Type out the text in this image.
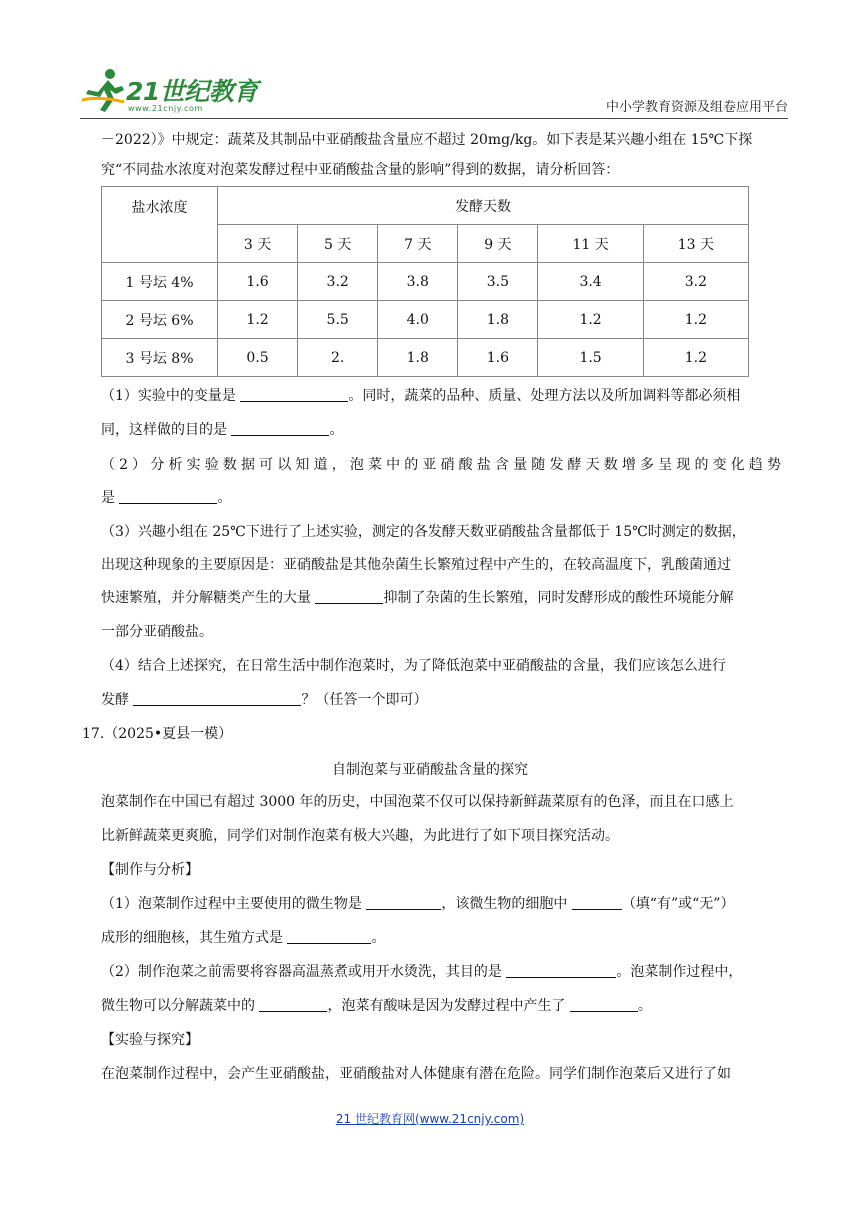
21世纪教育
www.21cnjy.com	中小学教育资源及组卷应用平台
－2022）》中规定：蔬菜及其制品中亚硝酸盐含量应不超过 20mg/kg。如下表是某兴趣小组在 15℃下探
究“不同盐水浓度对泡菜发酵过程中亚硝酸盐含量的影响”得到的数据，请分析回答：
盐水浓度	发酵天数					
	3 天	5 天	7 天	9 天	11 天	13 天
1 号坛 4%	1.6	3.2	3.8	3.5	3.4	3.2
2 号坛 6%	1.2	5.5	4.0	1.8	1.2	1.2
3 号坛 8%	0.5	2.	1.8	1.6	1.5	1.2
（1）实验中的变量是	。同时，蔬菜的品种、质量、处理方法以及所加调料等都必须相
同，这样做的目的是	。
（2）分析实验数据可以知道，泡菜中的亚硝酸盐含量随发酵天数增多呈现的变化趋势
是	。
（3）兴趣小组在 25℃下进行了上述实验，测定的各发酵天数亚硝酸盐含量都低于 15℃时测定的数据，
出现这种现象的主要原因是：亚硝酸盐是其他杂菌生长繁殖过程中产生的，在较高温度下，乳酸菌通过
快速繁殖，并分解糖类产生的大量	抑制了杂菌的生长繁殖，同时发酵形成的酸性环境能分解
一部分亚硝酸盐。
（4）结合上述探究，在日常生活中制作泡菜时，为了降低泡菜中亚硝酸盐的含量，我们应该怎么进行
发酵	？（任答一个即可）
17.（2025•夏县一模）
自制泡菜与亚硝酸盐含量的探究
泡菜制作在中国已有超过 3000 年的历史，中国泡菜不仅可以保持新鲜蔬菜原有的色泽，而且在口感上
比新鲜蔬菜更爽脆，同学们对制作泡菜有极大兴趣，为此进行了如下项目探究活动。
【制作与分析】
（1）泡菜制作过程中主要使用的微生物是	，该微生物的细胞中	（填“有”或“无”）
成形的细胞核，其生殖方式是	。
（2）制作泡菜之前需要将容器高温蒸煮或用开水烫洗，其目的是	。泡菜制作过程中，
微生物可以分解蔬菜中的	，泡菜有酸味是因为发酵过程中产生了	。
【实验与探究】
在泡菜制作过程中，会产生亚硝酸盐，亚硝酸盐对人体健康有潜在危险。同学们制作泡菜后又进行了如
21 世纪教育网(www.21cnjy.com)
